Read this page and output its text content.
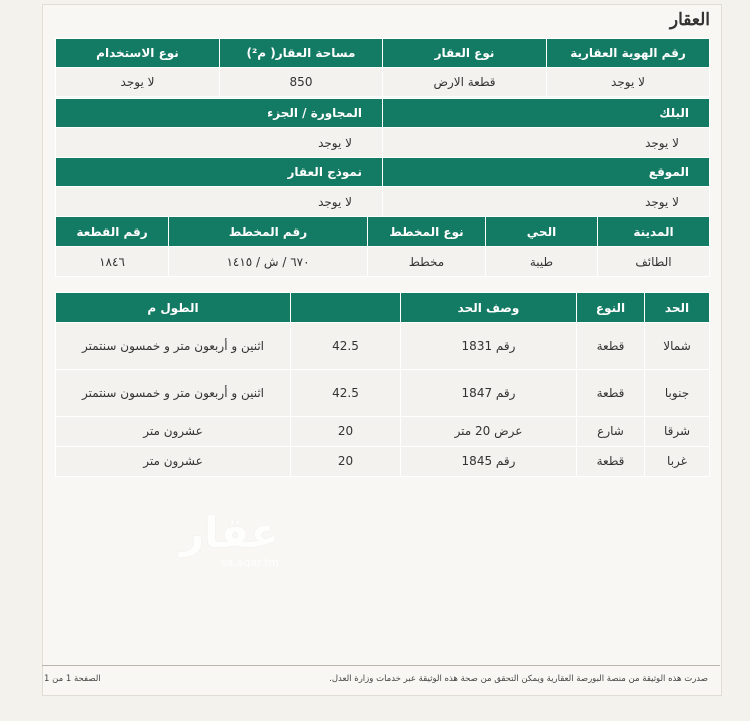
العقار
رقم الهوية العقارية	نوع العقار	مساحة العقار( م²)	نوع الاستخدام
لا يوجد	قطعة الارض	850	لا يوجد
البلك	المجاورة / الجزء
لا يوجد	لا يوجد
الموقع	نموذج العقار
لا يوجد	لا يوجد
المدينة	الحي	نوع المخطط	رقم المخطط	رقم القطعة
الطائف	طيبة	مخطط	٦٧٠ / ش / ١٤١٥	١٨٤٦
الحد	النوع	وصف الحد		الطول م
شمالا	قطعة	رقم 1831	42.5	اثنين و أربعون متر و خمسون سنتمتر
جنوبا	قطعة	رقم 1847	42.5	اثنين و أربعون متر و خمسون سنتمتر
شرقا	شارع	عرض 20 متر	20	عشرون متر
غربا	قطعة	رقم 1845	20	عشرون متر
عقار
sa.aqar.fm
صدرت هذه الوثيقة من منصة البورصة العقارية ويمكن التحقق من صحة هذه الوثيقة عبر خدمات وزارة العدل.
الصفحة 1 من 1
